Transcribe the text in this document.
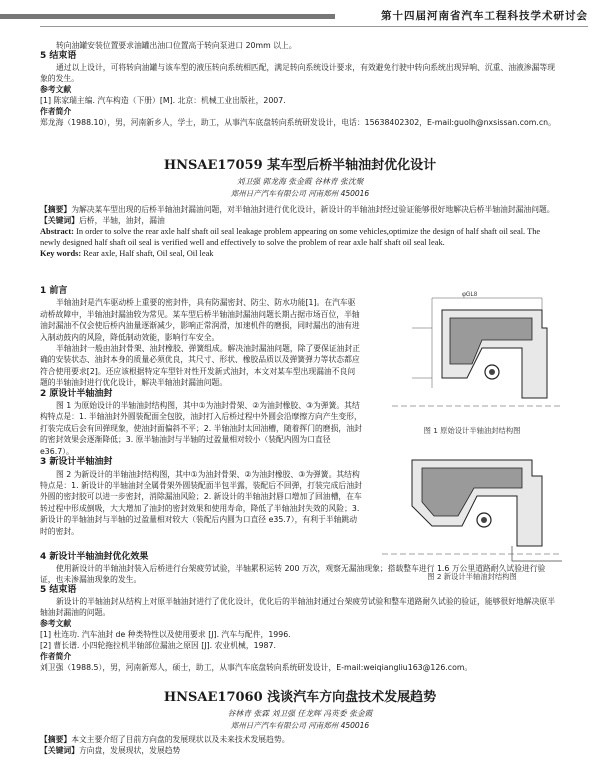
第十四届河南省汽车工程科技学术研讨会

转向油罐安装位置要求油罐出油口位置高于转向泵进口 20mm 以上。

5 结束语

通过以上设计，可将转向油罐与该车型的液压转向系统相匹配，满足转向系统设计要求，有效避免行驶中转向系统出现异响、沉重、油液渗漏等现象的发生。

参考文献

[1] 陈家瑞主编. 汽车构造（下册）[M]. 北京：机械工业出版社，2007.

作者简介

郑龙海（1988.10），男，河南新乡人，学士，助工，从事汽车底盘转向系统研发设计，电话：15638402302，E-mail:guolh@nxsissan.com.cn。

HNSAE17059 某车型后桥半轴油封优化设计
刘卫强 郭龙海 张金霞 谷林青 张沈聚
郑州日产汽车有限公司 河南郑州 450016

【摘要】为解决某车型出现的后桥半轴油封漏油问题，对半轴油封进行优化设计，新设计的半轴油封经过验证能够很好地解决后桥半轴油封漏油问题。

【关键词】后桥，半轴，油封，漏油

Abstract: In order to solve the rear axle half shaft oil seal leakage problem appearing on some vehicles,optimize the design of half shaft oil seal. The newly designed half shaft oil seal is verified well and effectively to solve the problem of rear axle half shaft oil seal leak.

Key words: Rear axle, Half shaft, Oil seal, Oil leak

1 前言

半轴油封是汽车驱动桥上重要的密封件，具有防漏密封、防尘、防水功能[1]。在汽车驱动桥故障中，半轴油封漏油较为常见。某车型后桥半轴油封漏油问题长期占据市场百位，半轴油封漏油不仅会使后桥内油量逐渐减少，影响正常润滑，加速机件的磨损，同时漏出的油有进入制动鼓内的风险，降低制动效能，影响行车安全。

半轴油封一般由油封骨架、油封橡胶、弹簧组成。解决油封漏油问题，除了要保证油封正确的安装状态、油封本身的质量必须优良，其尺寸、形状、橡胶品质以及弹簧弹力等状态都应符合使用要求[2]。还应该根据特定车型针对性开发新式油封，本文对某车型出现漏油不良问题的半轴油封进行优化设计，解决半轴油封漏油问题。

2 原设计半轴油封

图 1 为原始设计的半轴油封结构图，其中①为油封骨架、②为油封橡胶、③为弹簧。其结构特点是：1. 半轴油封外圆装配面全包胶，油封打入后桥过程中外圆会沿摩擦方向产生变形，打装完成后会有回弹现象，使油封面偏斜不平；2. 半轴油封太回油槽，随着挥门的磨损，油封的密封效果会逐渐降低；3. 原半轴油封与半轴的过盈量相对较小（装配内圆为口直径 e36.7）。

3 新设计半轴油封

图 2 为新设计的半轴油封结构图，其中①为油封骨架、②为油封橡胶、③为弹簧。其结构特点是：1. 新设计的半轴油封全属骨架外圆装配面半包半露，装配后不回弹，打装完成后油封外圆的密封胶可以进一步密封，消除漏油风险；2. 新设计的半轴油封唇口增加了回油槽，在车转过程中形成倒吸，大大增加了油封的密封效果和使用寿命，降低了半轴油封失效的风险；3. 新设计的半轴油封与半轴的过盈量相对较大（装配后内圆为口直径 e35.7），有利于半轴跳动时的密封。

φGL8
图 1 原始设计半轴油封结构图
图 2 新设计半轴油封结构图

4 新设计半轴油封优化效果

使用新设计的半轴油封装入后桥进行台架疲劳试验，半轴累积运转 200 万次，观察无漏油现象；搭载整车进行 1.6 万公里道路耐久试验进行验证，也未渗漏油现象的发生。

5 结束语

新设计的半轴油封从结构上对原半轴油封进行了优化设计，优化后的半轴油封通过台架疲劳试验和整车道路耐久试验的验证，能够很好地解决原半轴油封漏油的问题。

参考文献

[1] 杜连功. 汽车油封 de 种类特性以及使用要求 [J]. 汽车与配件，1996.

[2] 曹长谱. 小四轮拖拉机半轴部位漏油之原因 [J]. 农业机械，1987.

作者简介

刘卫强（1988.5），男，河南新郑人，硕士，助工，从事汽车底盘转向系统研发设计，E-mail:weiqiangliu163@126.com。

HNSAE17060 浅谈汽车方向盘技术发展趋势
谷林青 张霖 刘卫强 任龙辉 冯英委 张金霞
郑州日产汽车有限公司 河南郑州 450016

【摘要】本文主要介绍了目前方向盘的发展现状以及未来技术发展趋势。

【关键词】方向盘，发展现状，发展趋势
